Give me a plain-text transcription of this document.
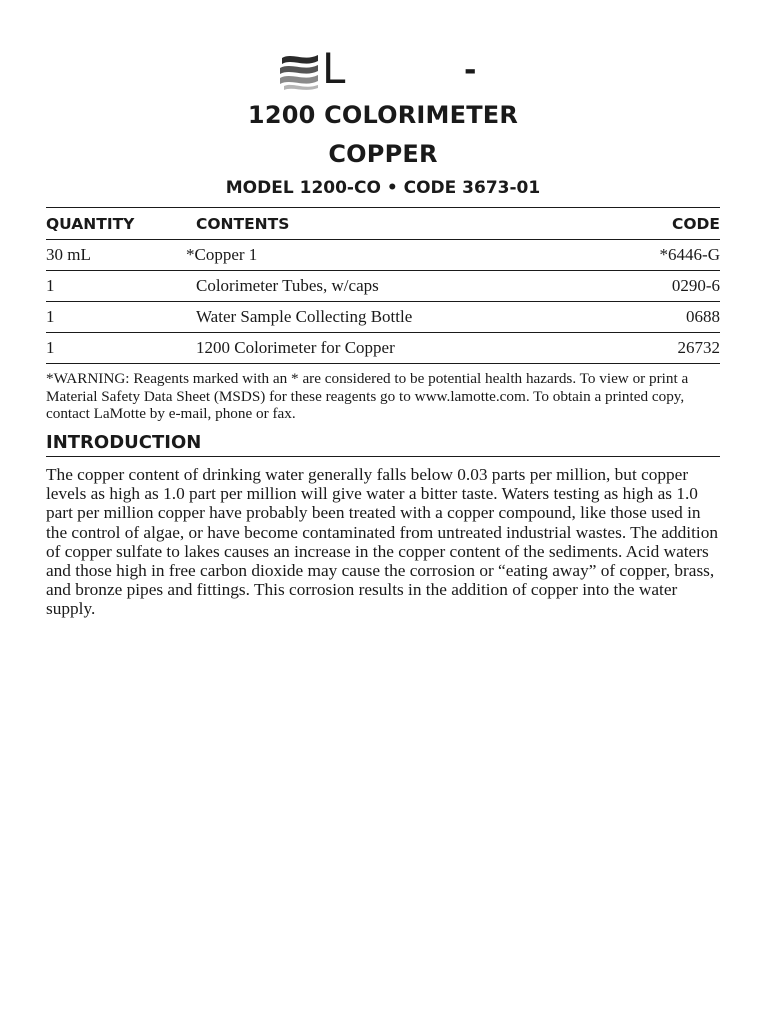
L	-
1200 COLORIMETER
COPPER
MODEL 1200-CO • CODE 3673-01
QUANTITY	CONTENTS	CODE
30 mL	*Copper 1	*6446-G
1	Colorimeter Tubes, w/caps	0290-6
1	Water Sample Collecting Bottle	0688
1	1200 Colorimeter for Copper	26732
*WARNING: Reagents marked with an * are considered to be potential health hazards. To view or print a Material Safety Data Sheet (MSDS) for these reagents go to www.lamotte.com. To obtain a printed copy, contact LaMotte by e-mail, phone or fax.
INTRODUCTION
The copper content of drinking water generally falls below 0.03 parts per million, but copper levels as high as 1.0 part per million will give water a bitter taste. Waters testing as high as 1.0 part per million copper have probably been treated with a copper compound, like those used in the control of algae, or have become contaminated from untreated industrial wastes. The addition of copper sulfate to lakes causes an increase in the copper content of the sediments. Acid waters and those high in free carbon dioxide may cause the corrosion or “eating away” of copper, brass, and bronze pipes and fittings. This corrosion results in the addition of copper into the water supply.
